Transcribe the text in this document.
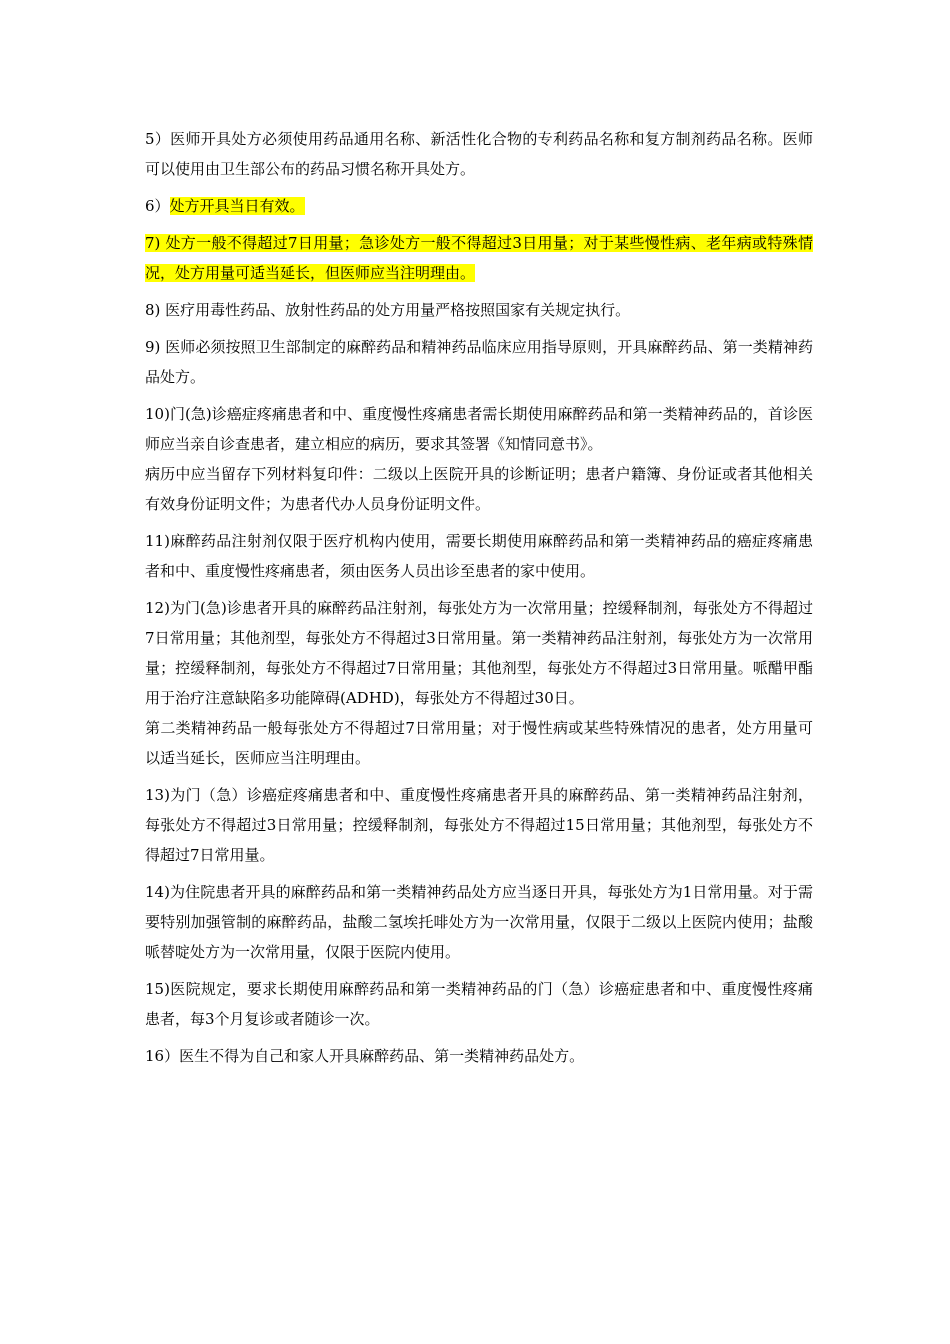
5）医师开具处方必须使用药品通用名称、新活性化合物的专利药品名称和复方制剂药品名称。医师可以使用由卫生部公布的药品习惯名称开具处方。

6）处方开具当日有效。

7) 处方一般不得超过7日用量；急诊处方一般不得超过3日用量；对于某些慢性病、老年病或特殊情况，处方用量可适当延长，但医师应当注明理由。

8) 医疗用毒性药品、放射性药品的处方用量严格按照国家有关规定执行。

9) 医师必须按照卫生部制定的麻醉药品和精神药品临床应用指导原则，开具麻醉药品、第一类精神药品处方。

10)门(急)诊癌症疼痛患者和中、重度慢性疼痛患者需长期使用麻醉药品和第一类精神药品的，首诊医师应当亲自诊查患者，建立相应的病历，要求其签署《知情同意书》。

病历中应当留存下列材料复印件：二级以上医院开具的诊断证明；患者户籍簿、身份证或者其他相关有效身份证明文件；为患者代办人员身份证明文件。

11)麻醉药品注射剂仅限于医疗机构内使用，需要长期使用麻醉药品和第一类精神药品的癌症疼痛患者和中、重度慢性疼痛患者，须由医务人员出诊至患者的家中使用。

12)为门(急)诊患者开具的麻醉药品注射剂，每张处方为一次常用量；控缓释制剂，每张处方不得超过7日常用量；其他剂型，每张处方不得超过3日常用量。第一类精神药品注射剂，每张处方为一次常用量；控缓释制剂，每张处方不得超过7日常用量；其他剂型，每张处方不得超过3日常用量。哌醋甲酯用于治疗注意缺陷多功能障碍(ADHD)，每张处方不得超过30日。

第二类精神药品一般每张处方不得超过7日常用量；对于慢性病或某些特殊情况的患者，处方用量可以适当延长，医师应当注明理由。

13)为门（急）诊癌症疼痛患者和中、重度慢性疼痛患者开具的麻醉药品、第一类精神药品注射剂，每张处方不得超过3日常用量；控缓释制剂，每张处方不得超过15日常用量；其他剂型，每张处方不得超过7日常用量。

14)为住院患者开具的麻醉药品和第一类精神药品处方应当逐日开具，每张处方为1日常用量。对于需要特别加强管制的麻醉药品，盐酸二氢埃托啡处方为一次常用量，仅限于二级以上医院内使用；盐酸哌替啶处方为一次常用量，仅限于医院内使用。

15)医院规定，要求长期使用麻醉药品和第一类精神药品的门（急）诊癌症患者和中、重度慢性疼痛患者，每3个月复诊或者随诊一次。

16）医生不得为自己和家人开具麻醉药品、第一类精神药品处方。
